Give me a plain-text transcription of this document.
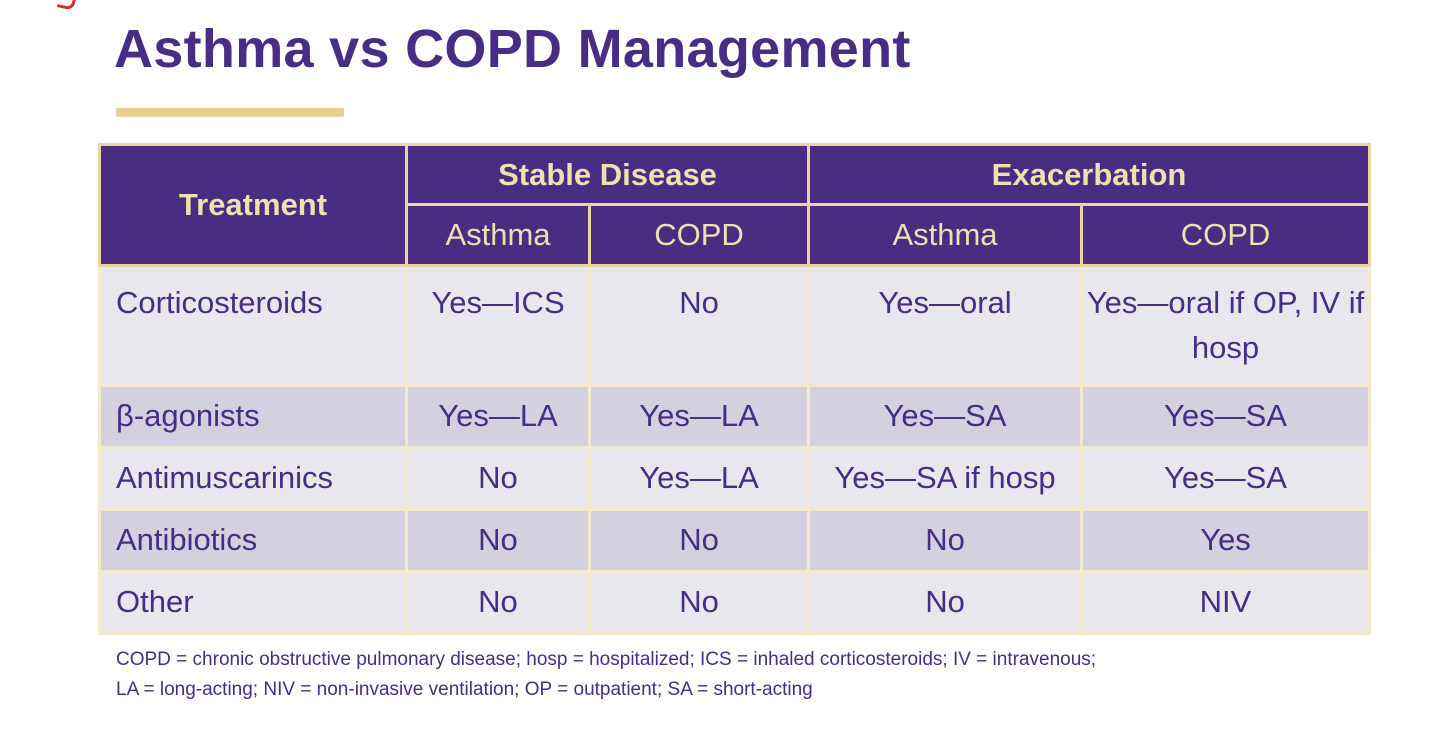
Asthma vs COPD Management
Treatment	Stable Disease		Exacerbation	
	Asthma	COPD	Asthma	COPD
Corticosteroids	Yes—ICS	No	Yes—oral	Yes—oral if OP, IV if hosp
β-agonists	Yes—LA	Yes—LA	Yes—SA	Yes—SA
Antimuscarinics	No	Yes—LA	Yes—SA if hosp	Yes—SA
Antibiotics	No	No	No	Yes
Other	No	No	No	NIV

COPD = chronic obstructive pulmonary disease; hosp = hospitalized; ICS = inhaled corticosteroids; IV = intravenous;
LA = long-acting; NIV = non-invasive ventilation; OP = outpatient; SA = short-acting
